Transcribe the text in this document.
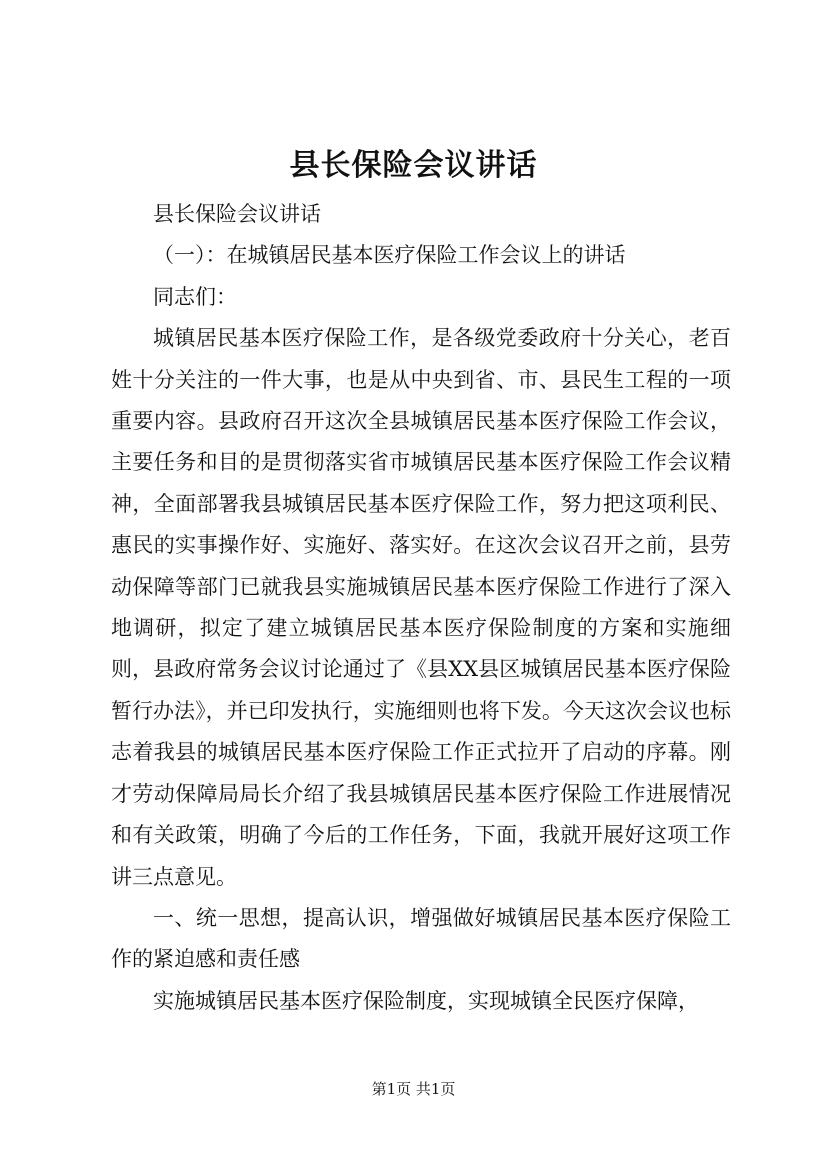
县长保险会议讲话

县长保险会议讲话

（一）：在城镇居民基本医疗保险工作会议上的讲话

同志们：

城镇居民基本医疗保险工作，是各级党委政府十分关心，老百姓十分关注的一件大事，也是从中央到省、市、县民生工程的一项重要内容。县政府召开这次全县城镇居民基本医疗保险工作会议，主要任务和目的是贯彻落实省市城镇居民基本医疗保险工作会议精神，全面部署我县城镇居民基本医疗保险工作，努力把这项利民、惠民的实事操作好、实施好、落实好。在这次会议召开之前，县劳动保障等部门已就我县实施城镇居民基本医疗保险工作进行了深入地调研，拟定了建立城镇居民基本医疗保险制度的方案和实施细则，县政府常务会议讨论通过了《县XX县区城镇居民基本医疗保险暂行办法》，并已印发执行，实施细则也将下发。今天这次会议也标志着我县的城镇居民基本医疗保险工作正式拉开了启动的序幕。刚才劳动保障局局长介绍了我县城镇居民基本医疗保险工作进展情况和有关政策，明确了今后的工作任务，下面，我就开展好这项工作讲三点意见。

一、统一思想，提高认识，增强做好城镇居民基本医疗保险工作的紧迫感和责任感

实施城镇居民基本医疗保险制度，实现城镇全民医疗保障，

第1页 共1页
